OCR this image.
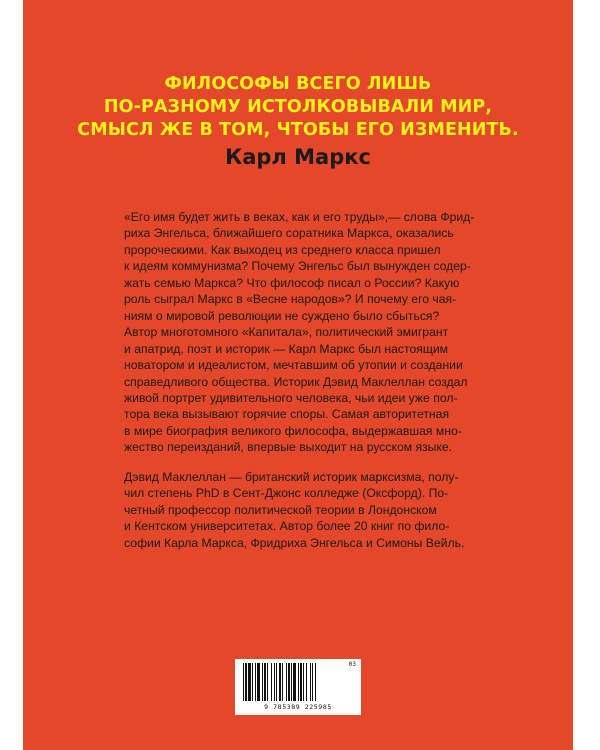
ФИЛОСОФЫ ВСЕГО ЛИШЬ
ПО-РАЗНОМУ ИСТОЛКОВЫВАЛИ МИР,
СМЫСЛ ЖЕ В ТОМ, ЧТОБЫ ЕГО ИЗМЕНИТЬ.
Карл Маркс
«Его имя будет жить в веках, как и его труды»,— слова Фрид-
риха Энгельса, ближайшего соратника Маркса, оказались
пророческими. Как выходец из среднего класса пришел
к идеям коммунизма? Почему Энгельс был вынужден содер-
жать семью Маркса? Что философ писал о России? Какую
роль сыграл Маркс в «Весне народов»? И почему его чая-
ниям о мировой революции не суждено было сбыться?
Автор многотомного «Капитала», политический эмигрант
и апатрид, поэт и историк — Карл Маркс был настоящим
новатором и идеалистом, мечтавшим об утопии и создании
справедливого общества. Историк Дэвид Маклеллан создал
живой портрет удивительного человека, чьи идеи уже пол-
тора века вызывают горячие споры. Самая авторитетная
в мире биография великого философа, выдержавшая мно-
жество переизданий, впервые выходит на русском языке.
Дэвид Маклеллан — британский историк марксизма, полу-
чил степень PhD в Сент-Джонс колледже (Оксфорд). По-
четный профессор политической теории в Лондонском
и Кентском университетах. Автор более 20 книг по фило-
софии Карла Маркса, Фридриха Энгельса и Симоны Вейль.
03
9 785389 225985
